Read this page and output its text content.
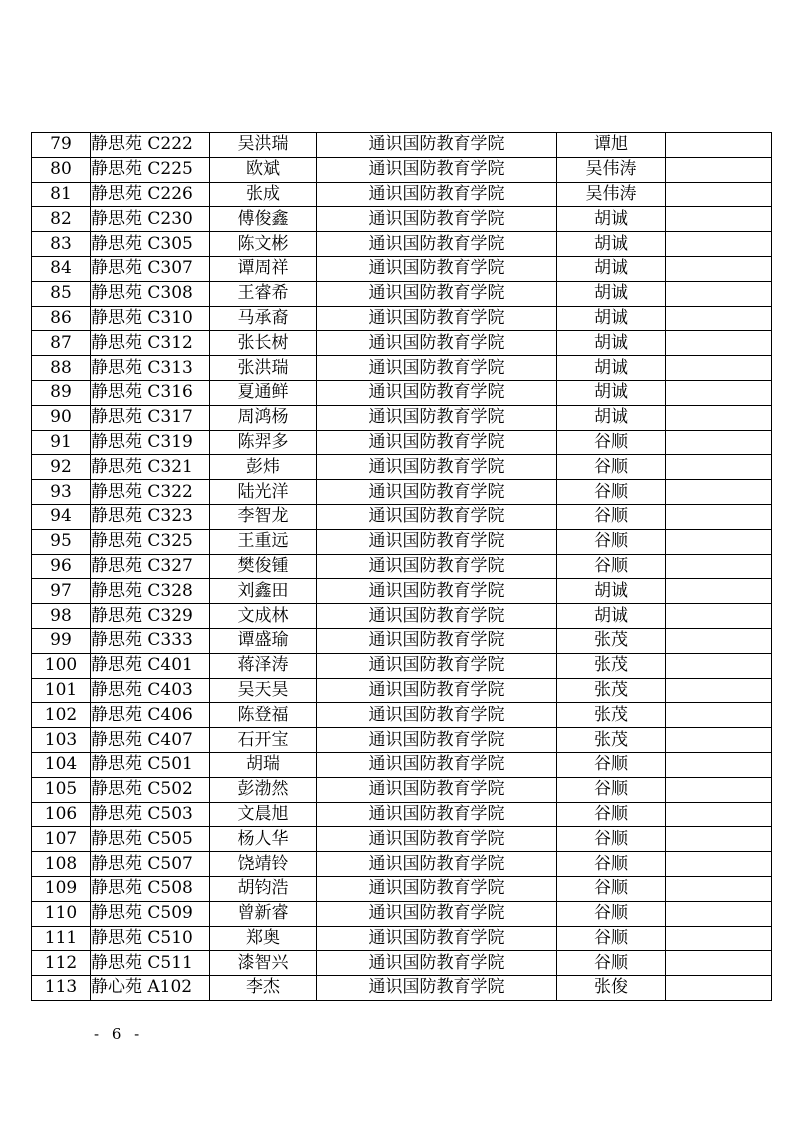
79	静思苑 C222	吴洪瑞	通识国防教育学院	谭旭	
80	静思苑 C225	欧斌	通识国防教育学院	吴伟涛	
81	静思苑 C226	张成	通识国防教育学院	吴伟涛	
82	静思苑 C230	傅俊鑫	通识国防教育学院	胡诚	
83	静思苑 C305	陈文彬	通识国防教育学院	胡诚	
84	静思苑 C307	谭周祥	通识国防教育学院	胡诚	
85	静思苑 C308	王睿希	通识国防教育学院	胡诚	
86	静思苑 C310	马承裔	通识国防教育学院	胡诚	
87	静思苑 C312	张长树	通识国防教育学院	胡诚	
88	静思苑 C313	张洪瑞	通识国防教育学院	胡诚	
89	静思苑 C316	夏通鲜	通识国防教育学院	胡诚	
90	静思苑 C317	周鸿杨	通识国防教育学院	胡诚	
91	静思苑 C319	陈羿多	通识国防教育学院	谷顺	
92	静思苑 C321	彭炜	通识国防教育学院	谷顺	
93	静思苑 C322	陆光洋	通识国防教育学院	谷顺	
94	静思苑 C323	李智龙	通识国防教育学院	谷顺	
95	静思苑 C325	王重远	通识国防教育学院	谷顺	
96	静思苑 C327	樊俊锺	通识国防教育学院	谷顺	
97	静思苑 C328	刘鑫田	通识国防教育学院	胡诚	
98	静思苑 C329	文成林	通识国防教育学院	胡诚	
99	静思苑 C333	谭盛瑜	通识国防教育学院	张茂	
100	静思苑 C401	蒋泽涛	通识国防教育学院	张茂	
101	静思苑 C403	吴天昊	通识国防教育学院	张茂	
102	静思苑 C406	陈登福	通识国防教育学院	张茂	
103	静思苑 C407	石开宝	通识国防教育学院	张茂	
104	静思苑 C501	胡瑞	通识国防教育学院	谷顺	
105	静思苑 C502	彭渤然	通识国防教育学院	谷顺	
106	静思苑 C503	文晨旭	通识国防教育学院	谷顺	
107	静思苑 C505	杨人华	通识国防教育学院	谷顺	
108	静思苑 C507	饶靖铃	通识国防教育学院	谷顺	
109	静思苑 C508	胡钧浩	通识国防教育学院	谷顺	
110	静思苑 C509	曾新睿	通识国防教育学院	谷顺	
111	静思苑 C510	郑奥	通识国防教育学院	谷顺	
112	静思苑 C511	漆智兴	通识国防教育学院	谷顺	
113	静心苑 A102	李杰	通识国防教育学院	张俊	
- 6 -
